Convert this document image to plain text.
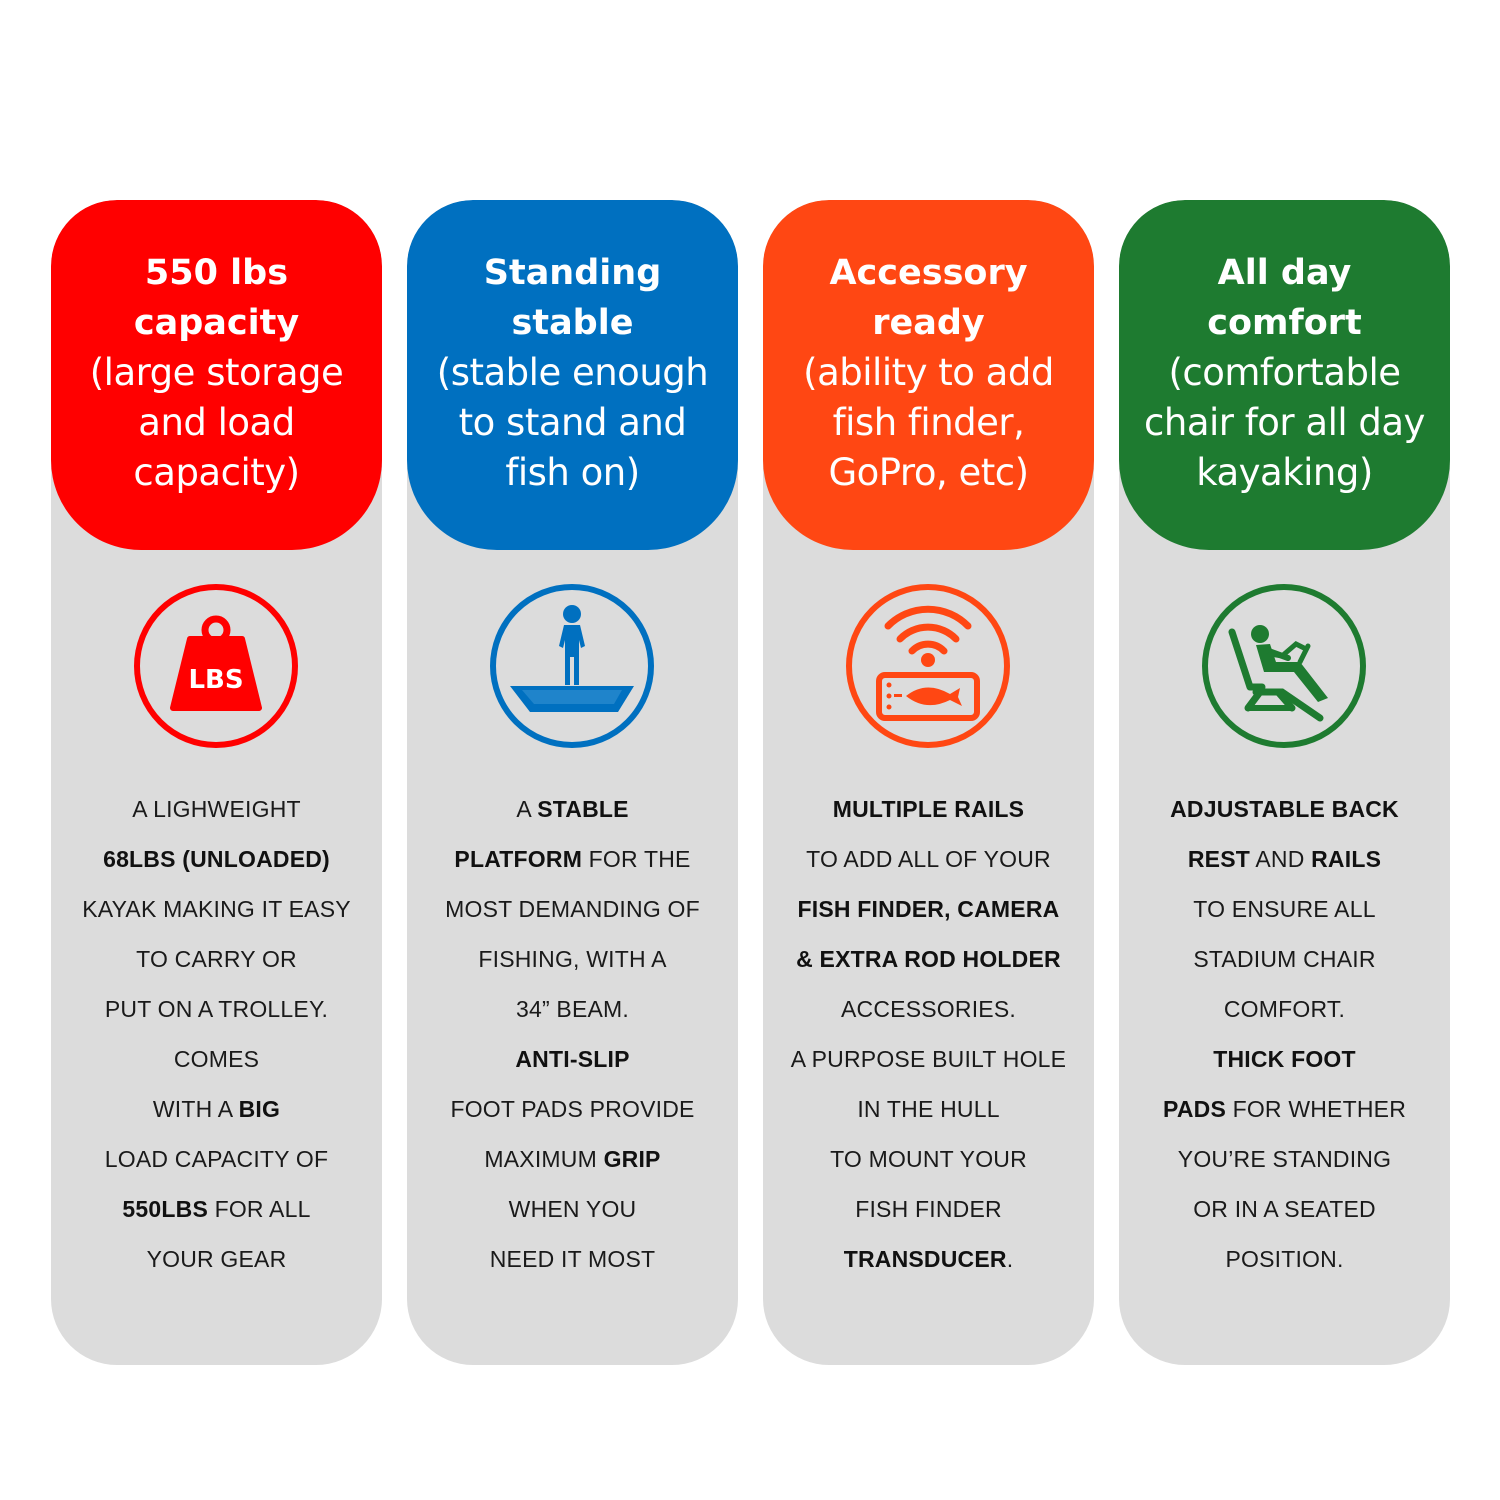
550 lbs
capacity
(large storage
and load
capacity)
LBS
A LIGHWEIGHT
68LBS (UNLOADED)
KAYAK MAKING IT EASY
TO CARRY OR
PUT ON A TROLLEY.
COMES
WITH A BIG
LOAD CAPACITY OF
550LBS FOR ALL
YOUR GEAR
Standing
stable
(stable enough
to stand and
fish on)
A STABLE
PLATFORM FOR THE
MOST DEMANDING OF
FISHING, WITH A
34” BEAM.
ANTI-SLIP
FOOT PADS PROVIDE
MAXIMUM GRIP
WHEN YOU
NEED IT MOST
Accessory
ready
(ability to add
fish finder,
GoPro, etc)
MULTIPLE RAILS
TO ADD ALL OF YOUR
FISH FINDER, CAMERA
& EXTRA ROD HOLDER
ACCESSORIES.
A PURPOSE BUILT HOLE
IN THE HULL
TO MOUNT YOUR
FISH FINDER
TRANSDUCER.
All day
comfort
(comfortable
chair for all day
kayaking)
ADJUSTABLE BACK
REST AND RAILS
TO ENSURE ALL
STADIUM CHAIR
COMFORT.
THICK FOOT
PADS FOR WHETHER
YOU’RE STANDING
OR IN A SEATED
POSITION.
